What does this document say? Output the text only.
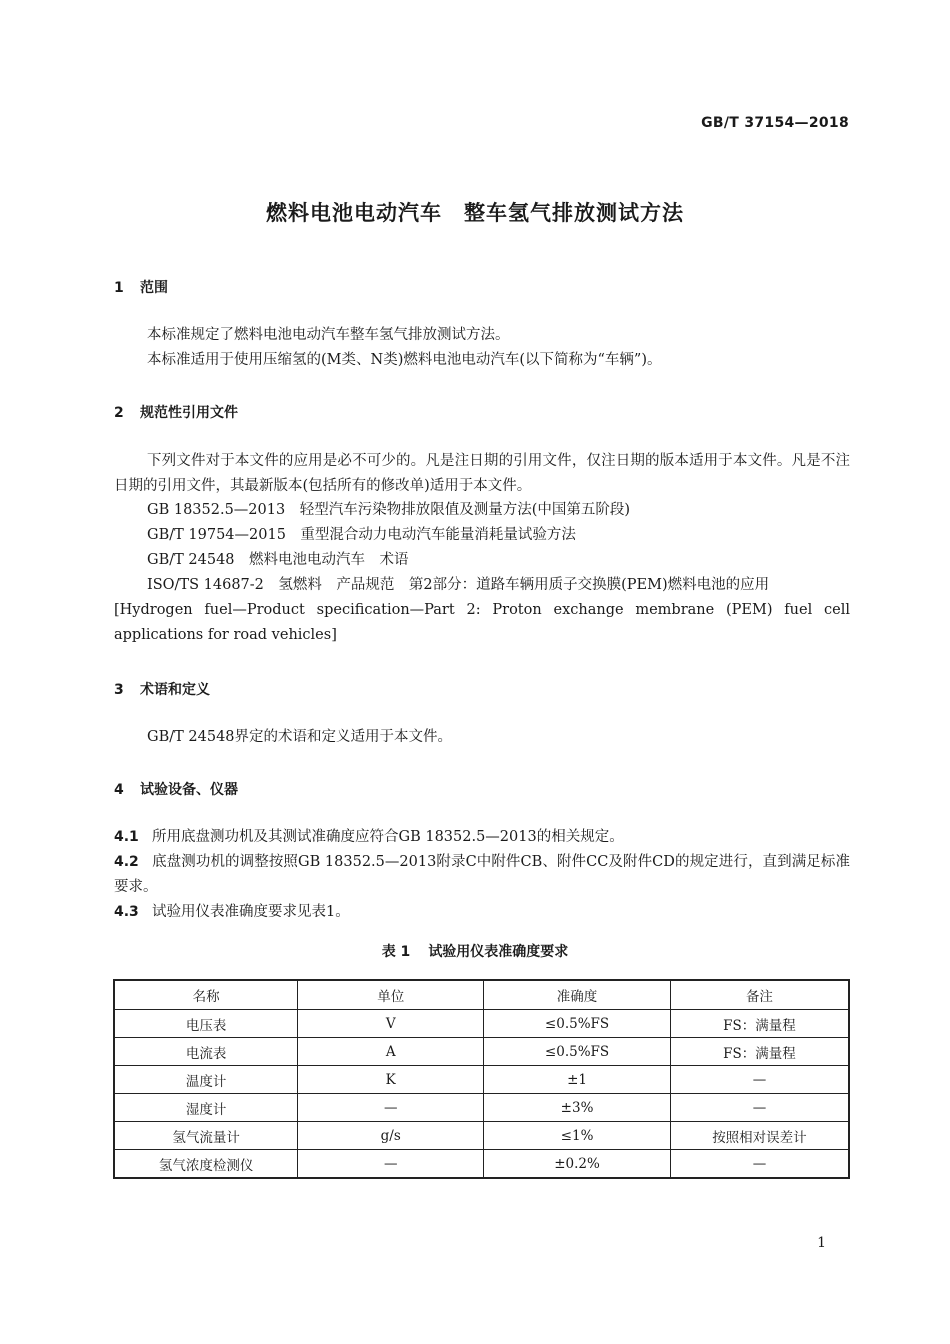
GB/T 37154—2018
燃料电池电动汽车　整车氢气排放测试方法
1 范围
本标准规定了燃料电池电动汽车整车氢气排放测试方法。
本标准适用于使用压缩氢的(M类、N类)燃料电池电动汽车(以下简称为“车辆”)。
2 规范性引用文件
下列文件对于本文件的应用是必不可少的。凡是注日期的引用文件，仅注日期的版本适用于本文件。凡是不注日期的引用文件，其最新版本(包括所有的修改单)适用于本文件。
GB 18352.5—2013　轻型汽车污染物排放限值及测量方法(中国第五阶段)
GB/T 19754—2015　重型混合动力电动汽车能量消耗量试验方法
GB/T 24548　燃料电池电动汽车　术语
ISO/TS 14687-2　氢燃料　产品规范　第2部分：道路车辆用质子交换膜(PEM)燃料电池的应用
[Hydrogen fuel—Product specification—Part 2: Proton exchange membrane (PEM) fuel cell applications for road vehicles]
3 术语和定义
GB/T 24548界定的术语和定义适用于本文件。
4 试验设备、仪器
4.1 所用底盘测功机及其测试准确度应符合GB 18352.5—2013的相关规定。
4.2 底盘测功机的调整按照GB 18352.5—2013附录C中附件CB、附件CC及附件CD的规定进行，直到满足标准要求。
4.3 试验用仪表准确度要求见表1。
表 1 试验用仪表准确度要求
名称	单位	准确度	备注
电压表	V	≤0.5%FS	FS：满量程
电流表	A	≤0.5%FS	FS：满量程
温度计	K	±1	—
湿度计	—	±3%	—
氢气流量计	g/s	≤1%	按照相对误差计
氢气浓度检测仪	—	±0.2%	—
1
